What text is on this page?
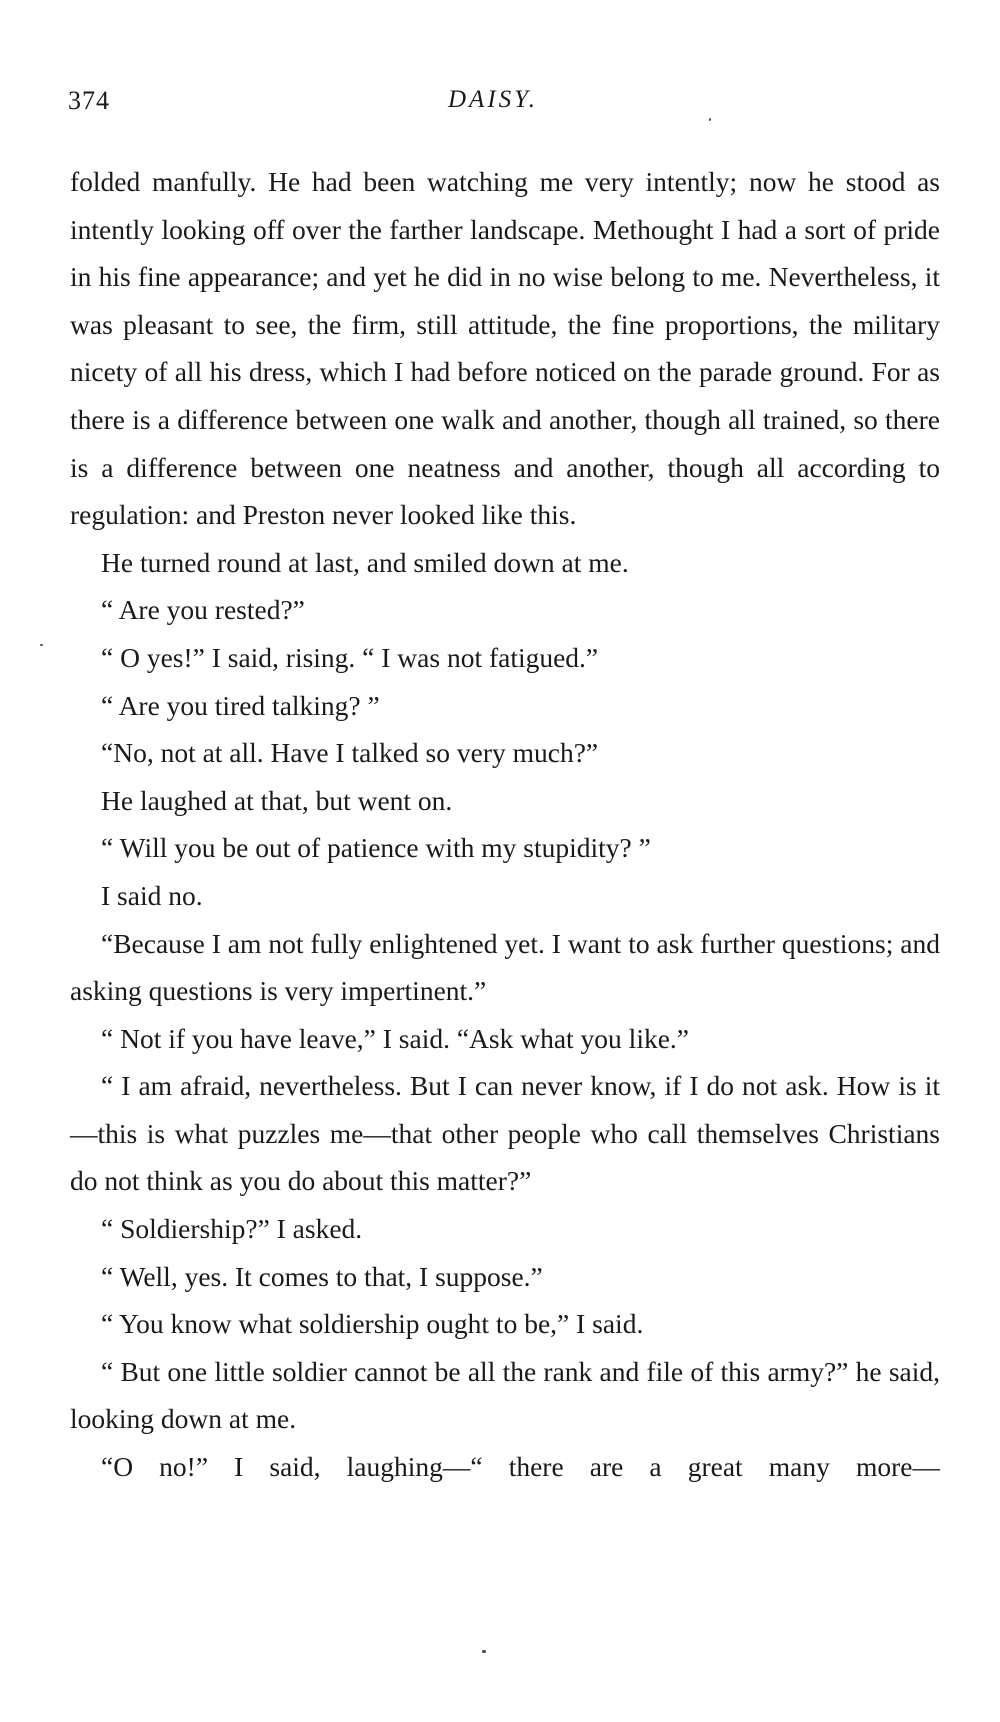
374	DAISY.

folded manfully. He had been watching me very intently; now he stood as intently looking off over the farther landscape. Methought I had a sort of pride in his fine appearance; and yet he did in no wise belong to me. Nevertheless, it was pleasant to see, the firm, still attitude, the fine proportions, the military nicety of all his dress, which I had before noticed on the parade ground. For as there is a difference between one walk and another, though all trained, so there is a difference between one neatness and another, though all according to regulation: and Preston never looked like this.

He turned round at last, and smiled down at me.

“ Are you rested?”

“ O yes!” I said, rising. “ I was not fatigued.”

“ Are you tired talking? ”

“No, not at all. Have I talked so very much?”

He laughed at that, but went on.

“ Will you be out of patience with my stupidity? ”

I said no.

“Because I am not fully enlightened yet. I want to ask further questions; and asking questions is very impertinent.”

“ Not if you have leave,” I said. “Ask what you like.”

“ I am afraid, nevertheless. But I can never know, if I do not ask. How is it—this is what puzzles me—that other people who call themselves Christians do not think as you do about this matter?”

“ Soldiership?” I asked.

“ Well, yes. It comes to that, I suppose.”

“ You know what soldiership ought to be,” I said.

“ But one little soldier cannot be all the rank and file of this army?” he said, looking down at me.

“O no!” I said, laughing—“ there are a great many more—
